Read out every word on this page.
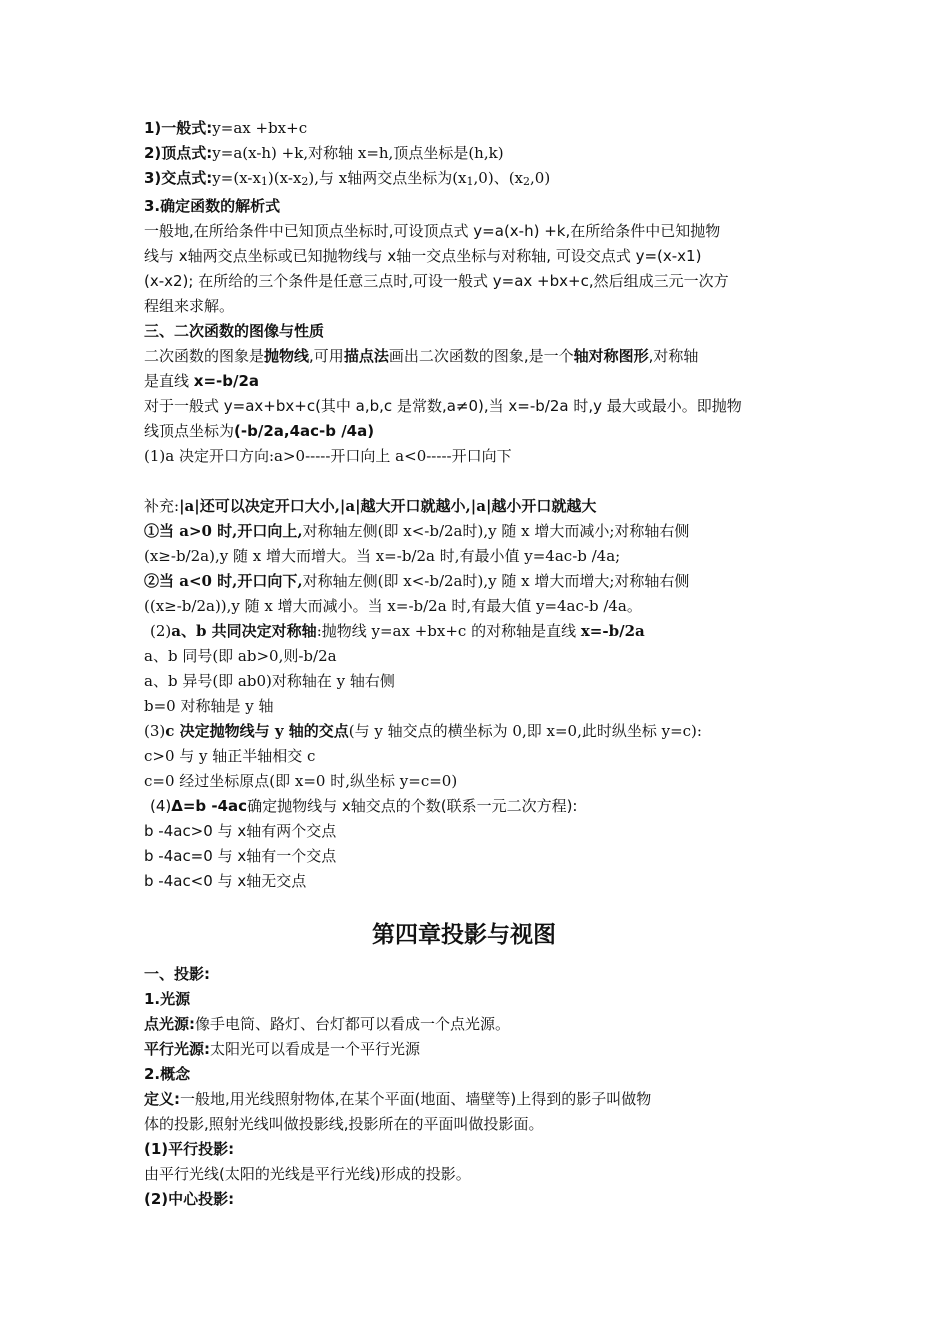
1)一般式:y=ax +bx+c
2)顶点式:y=a(x-h) +k,对称轴 x=h,顶点坐标是(h,k)
3)交点式:y=(x-x1)(x-x2),与 x轴两交点坐标为(x1,0)、(x2,0)
3.确定函数的解析式
一般地,在所给条件中已知顶点坐标时,可设顶点式 y=a(x-h) +k,在所给条件中已知抛物
线与 x轴两交点坐标或已知抛物线与 x轴一交点坐标与对称轴, 可设交点式 y=(x-x1)
(x-x2); 在所给的三个条件是任意三点时,可设一般式 y=ax +bx+c,然后组成三元一次方
程组来求解。
三、二次函数的图像与性质
二次函数的图象是抛物线,可用描点法画出二次函数的图象,是一个轴对称图形,对称轴
是直线 x=-b/2a
对于一般式 y=ax+bx+c(其中 a,b,c 是常数,a≠0),当 x=-b/2a 时,y 最大或最小。即抛物
线顶点坐标为(-b/2a,4ac-b /4a)
(1)a 决定开口方向:a>0-----开口向上 a<0-----开口向下
补充:|a|还可以决定开口大小,|a|越大开口就越小,|a|越小开口就越大
①当 a>0 时,开口向上,对称轴左侧(即 x<-b/2a时),y 随 x 增大而减小;对称轴右侧
(x≥-b/2a),y 随 x 增大而增大。当 x=-b/2a 时,有最小值 y=4ac-b /4a;
②当 a<0 时,开口向下,对称轴左侧(即 x<-b/2a时),y 随 x 增大而增大;对称轴右侧
((x≥-b/2a)),y 随 x 增大而减小。当 x=-b/2a 时,有最大值 y=4ac-b /4a。
(2)a、b 共同决定对称轴:抛物线 y=ax +bx+c 的对称轴是直线 x=-b/2a
a、b 同号(即 ab>0,则-b/2a
a、b 异号(即 ab0)对称轴在 y 轴右侧
b=0 对称轴是 y 轴
(3)c 决定抛物线与 y 轴的交点(与 y 轴交点的横坐标为 0,即 x=0,此时纵坐标 y=c):
c>0 与 y 轴正半轴相交 c
c=0 经过坐标原点(即 x=0 时,纵坐标 y=c=0)
(4)Δ=b -4ac确定抛物线与 x轴交点的个数(联系一元二次方程):
b -4ac>0 与 x轴有两个交点
b -4ac=0 与 x轴有一个交点
b -4ac<0 与 x轴无交点
第四章投影与视图
一、投影:
1.光源
点光源:像手电筒、路灯、台灯都可以看成一个点光源。
平行光源:太阳光可以看成是一个平行光源
2.概念
定义:一般地,用光线照射物体,在某个平面(地面、墙壁等)上得到的影子叫做物
体的投影,照射光线叫做投影线,投影所在的平面叫做投影面。
(1)平行投影:
由平行光线(太阳的光线是平行光线)形成的投影。
(2)中心投影:
